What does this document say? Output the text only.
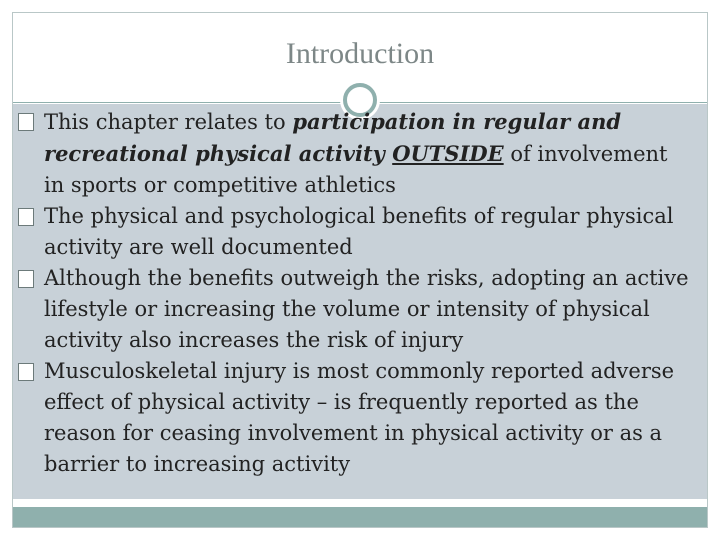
Introduction
This chapter relates to participation in regular and recreational physical activity OUTSIDE of involvement in sports or competitive athletics
The physical and psychological benefits of regular physical activity are well documented
Although the benefits outweigh the risks, adopting an active lifestyle or increasing the volume or intensity of physical activity also increases the risk of injury
Musculoskeletal injury is most commonly reported adverse effect of physical activity – is frequently reported as the reason for ceasing involvement in physical activity or as a barrier to increasing activity
